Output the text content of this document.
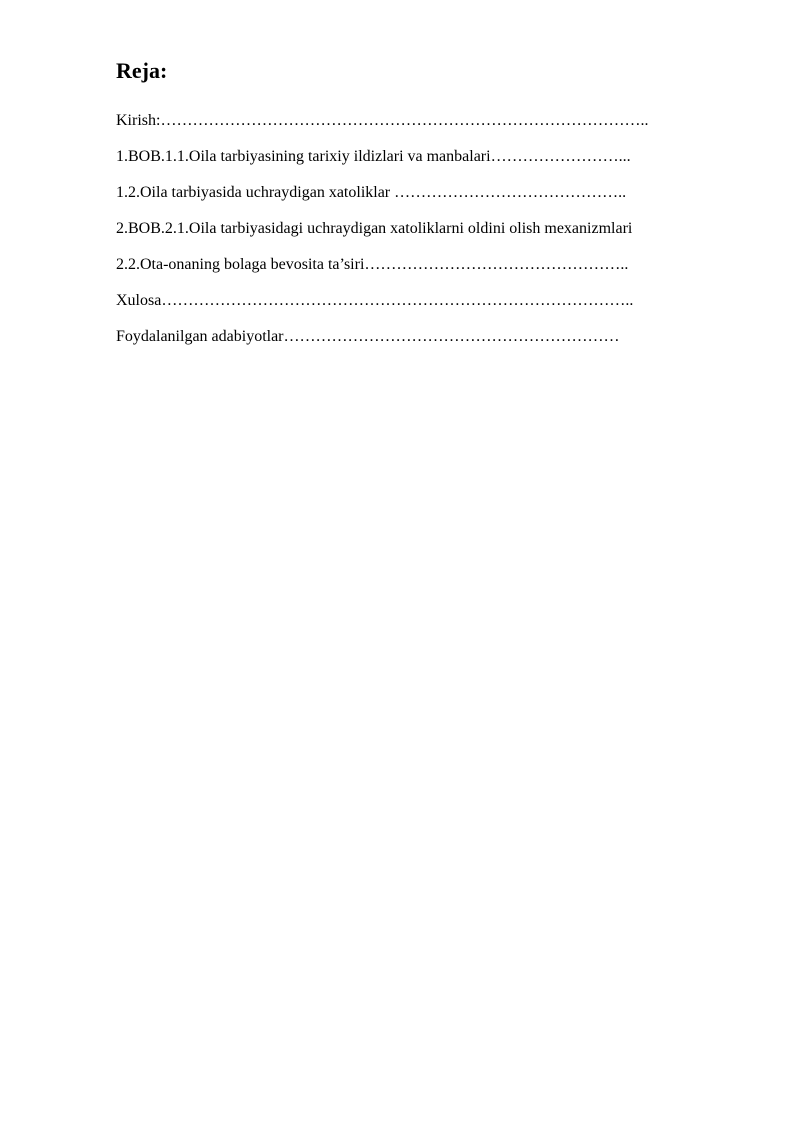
Reja:
Kirish:………………………………………………………………………………..
1.BOB.1.1.Oila tarbiyasining tarixiy ildizlari va manbalari……………………...
1.2.Oila tarbiyasida uchraydigan xatoliklar ……………………………………..
2.BOB.2.1.Oila tarbiyasidagi uchraydigan xatoliklarni oldini olish mexanizmlari
2.2.Ota-onaning bolaga bevosita ta’siri…………………………………………..
Xulosa……………………………………………………………………………..
Foydalanilgan adabiyotlar………………………………………………………
